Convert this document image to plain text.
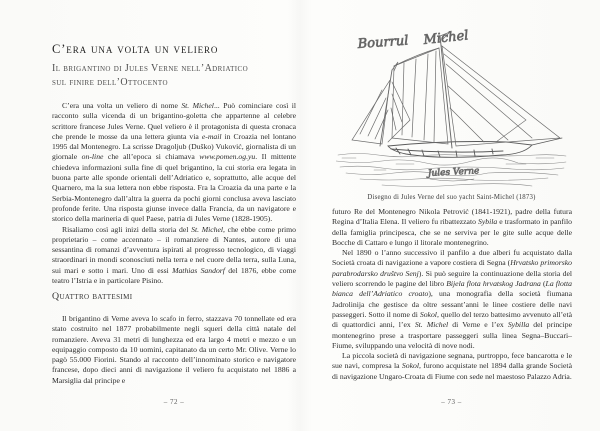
C’era una volta un veliero
Il brigantino di Jules Verne nell’Adriatico
sul finire dell’Ottocento

C’era una volta un veliero di nome St. Michel... Può cominciare così il racconto sulla vicenda di un brigantino-goletta che appartenne al celebre scrittore francese Jules Verne. Quel veliero è il protagonista di questa cronaca che prende le mosse da una lettera giunta via e-mail in Croazia nel lontano 1995 dal Montenegro. La scrisse Dragoljub (Duško) Vuković, giornalista di un giornale on-line che all’epoca si chiamava www.pomen.og.yu. Il mittente chiedeva informazioni sulla fine di quel brigantino, la cui storia era legata in buona parte alle sponde orientali dell’Adriatico e, soprattutto, alle acque del Quarnero, ma la sua lettera non ebbe risposta. Fra la Croazia da una parte e la Serbia-Montenegro dall’altra la guerra da pochi giorni conclusa aveva lasciato profonde ferite. Una risposta giunse invece dalla Francia, da un navigatore e storico della marineria di quel Paese, patria di Jules Verne (1828-1905).

Risaliamo così agli inizi della storia del St. Michel, che ebbe come primo proprietario – come accennato – il romanziere di Nantes, autore di una sessantina di romanzi d’avventura ispirati al progresso tecnologico, di viaggi straordinari in mondi sconosciuti nella terra e nel cuore della terra, sulla Luna, sui mari e sotto i mari. Uno di essi Mathias Sandorf del 1876, ebbe come teatro l’Istria e in particolare Pisino.

Quattro battesimi

Il brigantino di Verne aveva lo scafo in ferro, stazzava 70 tonnellate ed era stato costruito nel 1877 probabilmente negli squeri della città natale del romanziere. Aveva 31 metri di lunghezza ed era largo 4 metri e mezzo e un equipaggio composto da 10 uomini, capitanato da un certo Mr. Olive. Verne lo pagò 55.000 Fiorini. Stando al racconto dell’innominato storico e navigatore francese, dopo dieci anni di navigazione il veliero fu acquistato nel 1886 a Marsiglia dal principe e

– 72 –
Bourrul Michel
Jules Verne
Disegno di Jules Verne del suo yacht Saint-Michel (1873)

futuro Re del Montenegro Nikola Petrović (1841-1921), padre della futura Regina d’Italia Elena. Il veliero fu ribattezzato Sybila e trasformato in panfilo della famiglia principesca, che se ne serviva per le gite sulle acque delle Bocche di Cattaro e lungo il litorale montenegrino.

Nel 1890 o l’anno successivo il panfilo a due alberi fu acquistato dalla Società croata di navigazione a vapore costiera di Segna (Hrvatsko primorsko parabrodarsko društvo Senj). Si può seguire la continuazione della storia del veliero scorrendo le pagine del libro Bijela flota hrvatskog Jadrana (La flotta bianca dell’Adriatico croato), una monografia della società fiumana Jadrolinija che gestisce da oltre sessant’anni le linee costiere delle navi passeggeri. Sotto il nome di Sokol, quello del terzo battesimo avvenuto all’età di quattordici anni, l’ex St. Michel di Verne e l’ex Sybilla del principe montenegrino prese a trasportare passeggeri sulla linea Segna–Buccari–Fiume, sviluppando una velocità di nove nodi.

La piccola società di navigazione segnana, purtroppo, fece bancarotta e le sue navi, compresa la Sokol, furono acquistate nel 1894 dalla grande Società di navigazione Ungaro-Croata di Fiume con sede nel maestoso Palazzo Adria.

– 73 –
